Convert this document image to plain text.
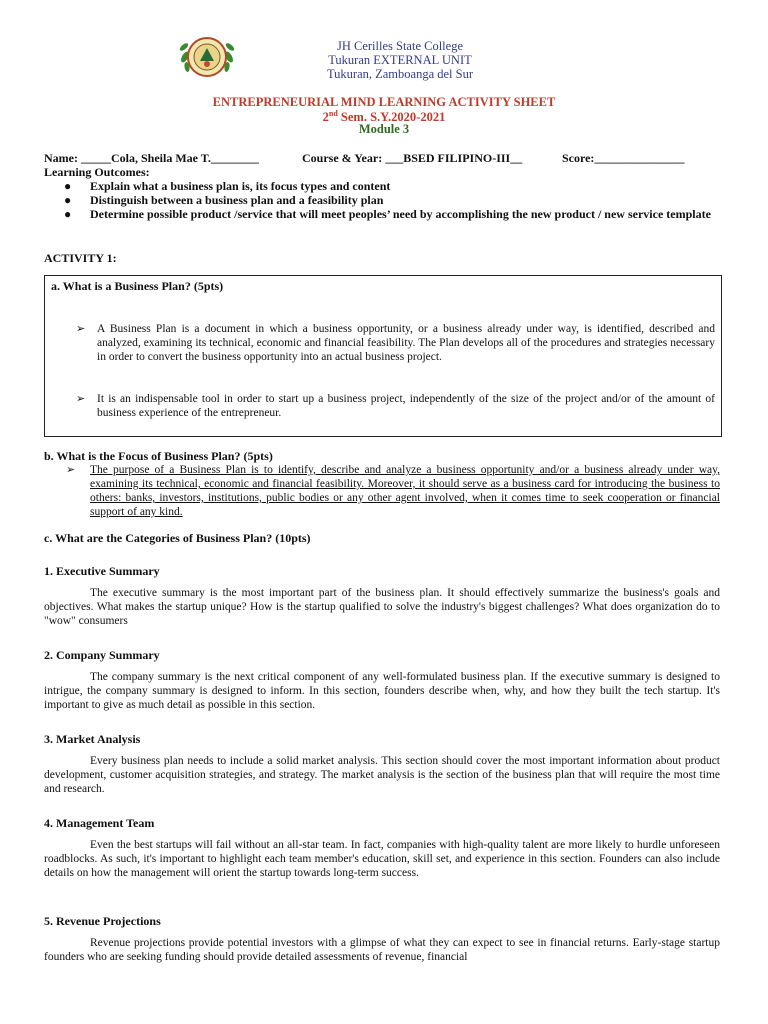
JH Cerilles State College
Tukuran EXTERNAL UNIT
Tukuran, Zamboanga del Sur
ENTREPRENEURIAL MIND LEARNING ACTIVITY SHEET
2nd Sem. S.Y.2020-2021
Module 3
Name: _____Cola, Sheila Mae T.________	Course & Year: ___BSED FILIPINO-III__	Score:_______________
Learning Outcomes:
● Explain what a business plan is, its focus types and content
● Distinguish between a business plan and a feasibility plan
● Determine possible product /service that will meet peoples’ need by accomplishing the new product / new service template
ACTIVITY 1:
a. What is a Business Plan? (5pts)
➢ A Business Plan is a document in which a business opportunity, or a business already under way, is identified, described and analyzed, examining its technical, economic and financial feasibility. The Plan develops all of the procedures and strategies necessary in order to convert the business opportunity into an actual business project.
➢ It is an indispensable tool in order to start up a business project, independently of the size of the project and/or of the amount of business experience of the entrepreneur.
b. What is the Focus of Business Plan? (5pts)
➢ The purpose of a Business Plan is to identify, describe and analyze a business opportunity and/or a business already under way, examining its technical, economic and financial feasibility. Moreover, it should serve as a business card for introducing the business to others: banks, investors, institutions, public bodies or any other agent involved, when it comes time to seek cooperation or financial support of any kind.
c. What are the Categories of Business Plan? (10pts)
1. Executive Summary
The executive summary is the most important part of the business plan. It should effectively summarize the business's goals and objectives. What makes the startup unique? How is the startup qualified to solve the industry's biggest challenges? What does organization do to "wow" consumers
2. Company Summary
The company summary is the next critical component of any well-formulated business plan. If the executive summary is designed to intrigue, the company summary is designed to inform. In this section, founders describe when, why, and how they built the tech startup. It's important to give as much detail as possible in this section.
3. Market Analysis
Every business plan needs to include a solid market analysis. This section should cover the most important information about product development, customer acquisition strategies, and strategy. The market analysis is the section of the business plan that will require the most time and research.
4. Management Team
Even the best startups will fail without an all-star team. In fact, companies with high-quality talent are more likely to hurdle unforeseen roadblocks. As such, it's important to highlight each team member's education, skill set, and experience in this section. Founders can also include details on how the management will orient the startup towards long-term success.
5. Revenue Projections
Revenue projections provide potential investors with a glimpse of what they can expect to see in financial returns. Early-stage startup founders who are seeking funding should provide detailed assessments of revenue, financial
